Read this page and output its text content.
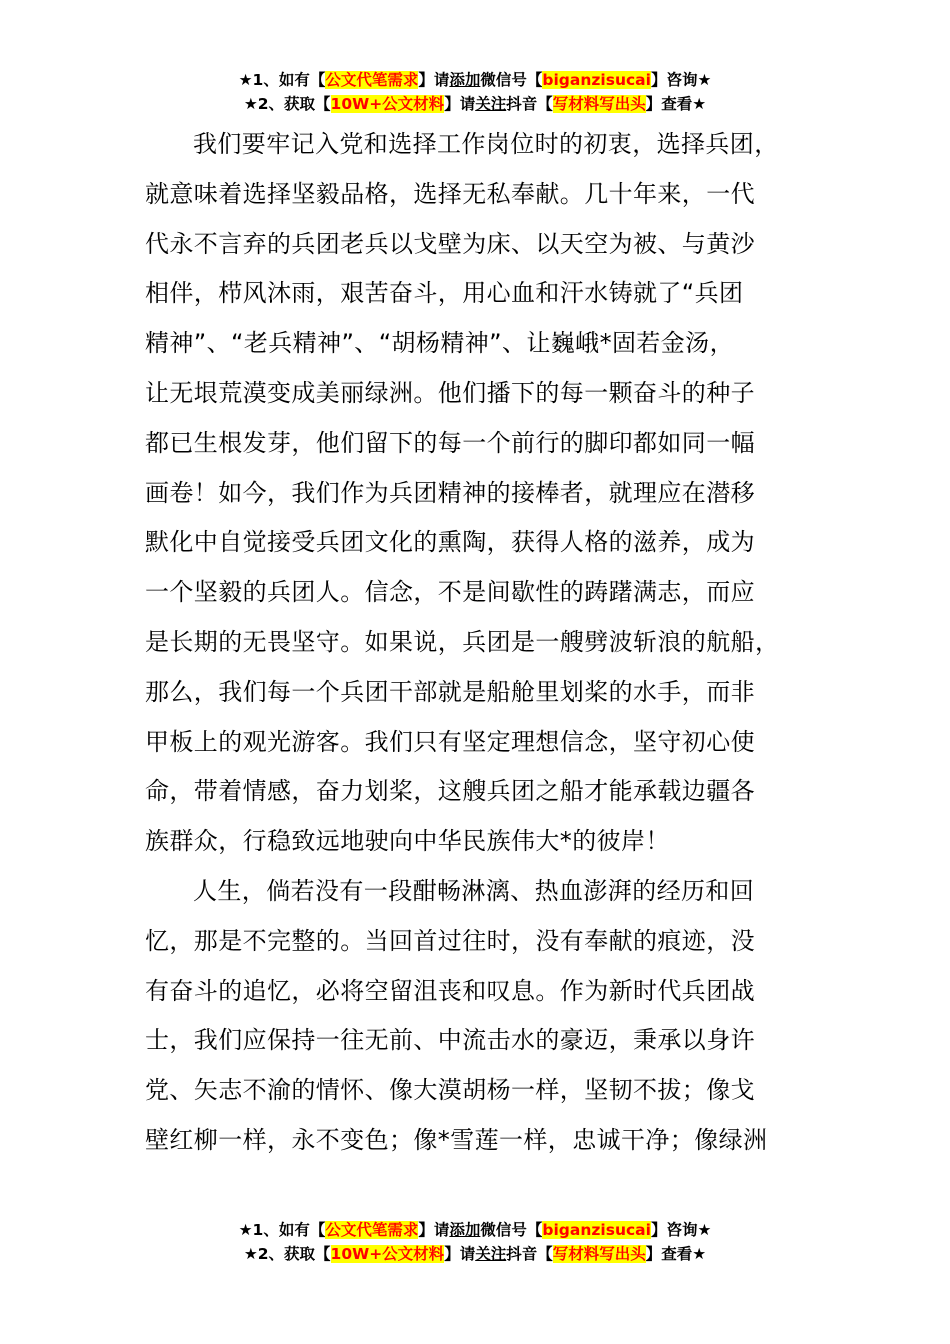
★1、如有【公文代笔需求】请添加微信号【biganzisucai】咨询★
★2、获取【10W+公文材料】请关注抖音【写材料写出头】查看★

我们要牢记入党和选择工作岗位时的初衷，选择兵团，
就意味着选择坚毅品格，选择无私奉献。几十年来，一代
代永不言弃的兵团老兵以戈壁为床、以天空为被、与黄沙
相伴，栉风沐雨，艰苦奋斗，用心血和汗水铸就了“兵团
精神”、“老兵精神”、“胡杨精神”、让巍峨*固若金汤，
让无垠荒漠变成美丽绿洲。他们播下的每一颗奋斗的种子
都已生根发芽，他们留下的每一个前行的脚印都如同一幅
画卷！如今，我们作为兵团精神的接棒者，就理应在潜移
默化中自觉接受兵团文化的熏陶，获得人格的滋养，成为
一个坚毅的兵团人。信念，不是间歇性的踌躇满志，而应
是长期的无畏坚守。如果说，兵团是一艘劈波斩浪的航船，
那么，我们每一个兵团干部就是船舱里划桨的水手，而非
甲板上的观光游客。我们只有坚定理想信念，坚守初心使
命，带着情感，奋力划桨，这艘兵团之船才能承载边疆各
族群众，行稳致远地驶向中华民族伟大*的彼岸！

人生，倘若没有一段酣畅淋漓、热血澎湃的经历和回
忆，那是不完整的。当回首过往时，没有奉献的痕迹，没
有奋斗的追忆，必将空留沮丧和叹息。作为新时代兵团战
士，我们应保持一往无前、中流击水的豪迈，秉承以身许
党、矢志不渝的情怀、像大漠胡杨一样，坚韧不拔；像戈
壁红柳一样，永不变色；像*雪莲一样，忠诚干净；像绿洲

★1、如有【公文代笔需求】请添加微信号【biganzisucai】咨询★
★2、获取【10W+公文材料】请关注抖音【写材料写出头】查看★
